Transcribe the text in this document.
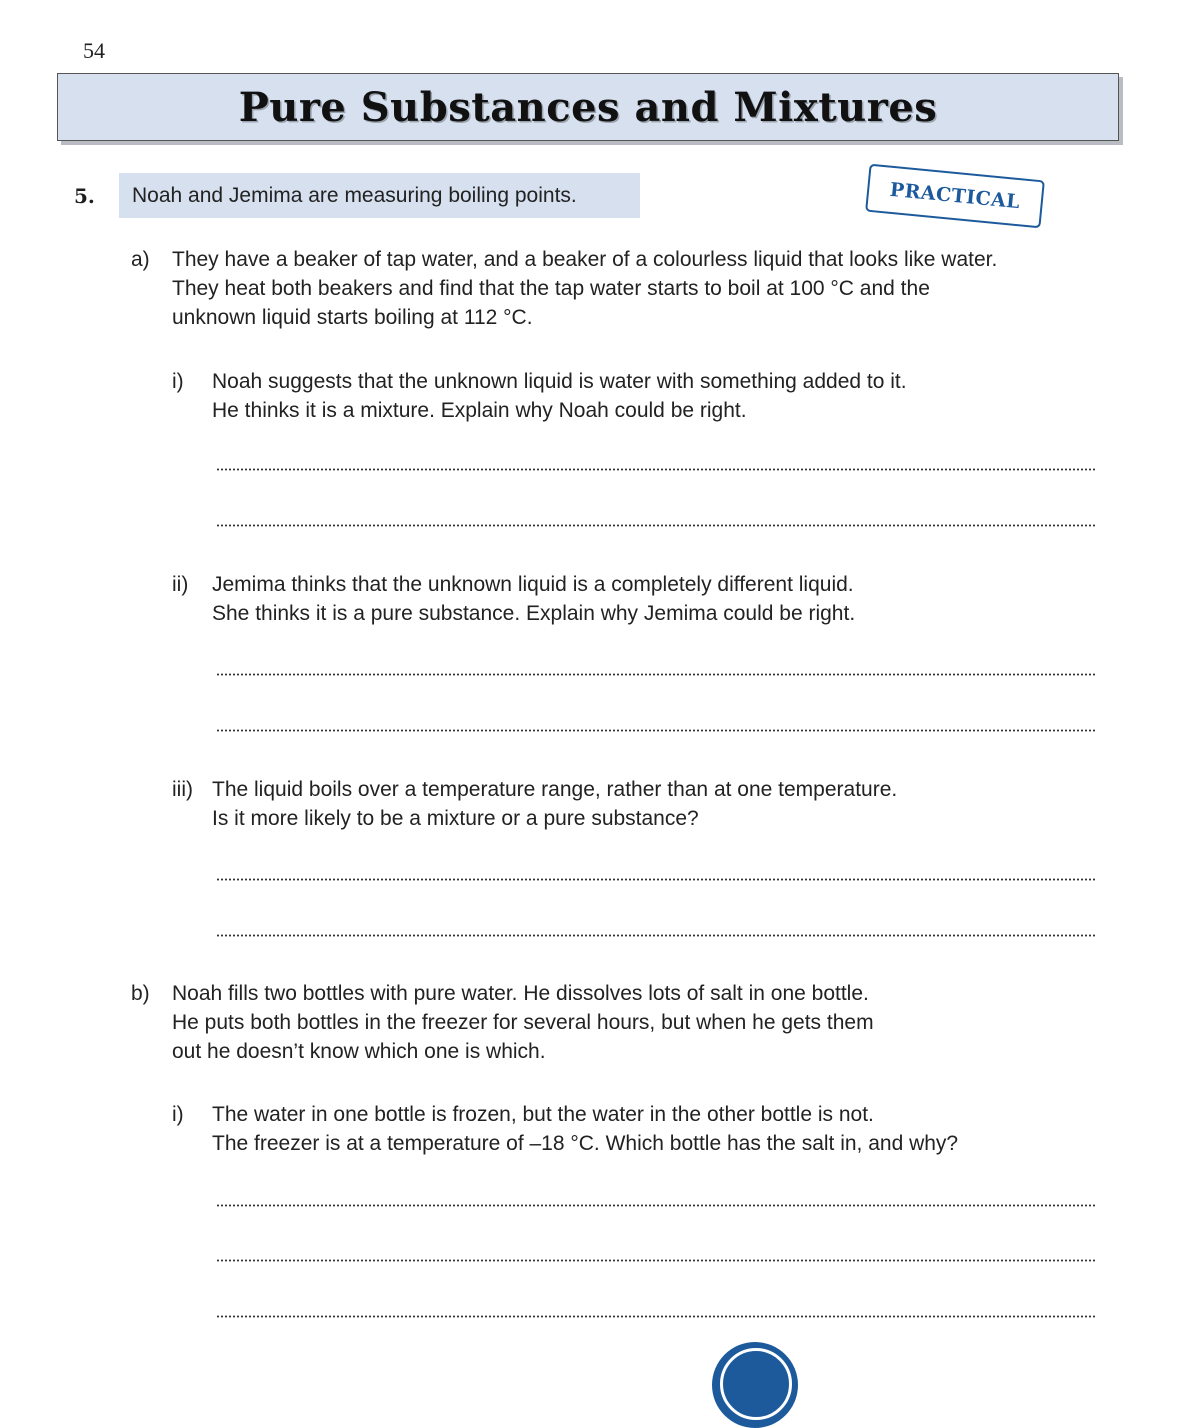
54
Pure Substances and Mixtures
5. Noah and Jemima are measuring boiling points.	PRACTICAL
a) They have a beaker of tap water, and a beaker of a colourless liquid that looks like water.
They heat both beakers and find that the tap water starts to boil at 100 °C and the
unknown liquid starts boiling at 112 °C.
i) Noah suggests that the unknown liquid is water with something added to it.
He thinks it is a mixture. Explain why Noah could be right.
ii) Jemima thinks that the unknown liquid is a completely different liquid.
She thinks it is a pure substance. Explain why Jemima could be right.
iii) The liquid boils over a temperature range, rather than at one temperature.
Is it more likely to be a mixture or a pure substance?
b) Noah fills two bottles with pure water. He dissolves lots of salt in one bottle.
He puts both bottles in the freezer for several hours, but when he gets them
out he doesn’t know which one is which.
i) The water in one bottle is frozen, but the water in the other bottle is not.
The freezer is at a temperature of –18 °C. Which bottle has the salt in, and why?
